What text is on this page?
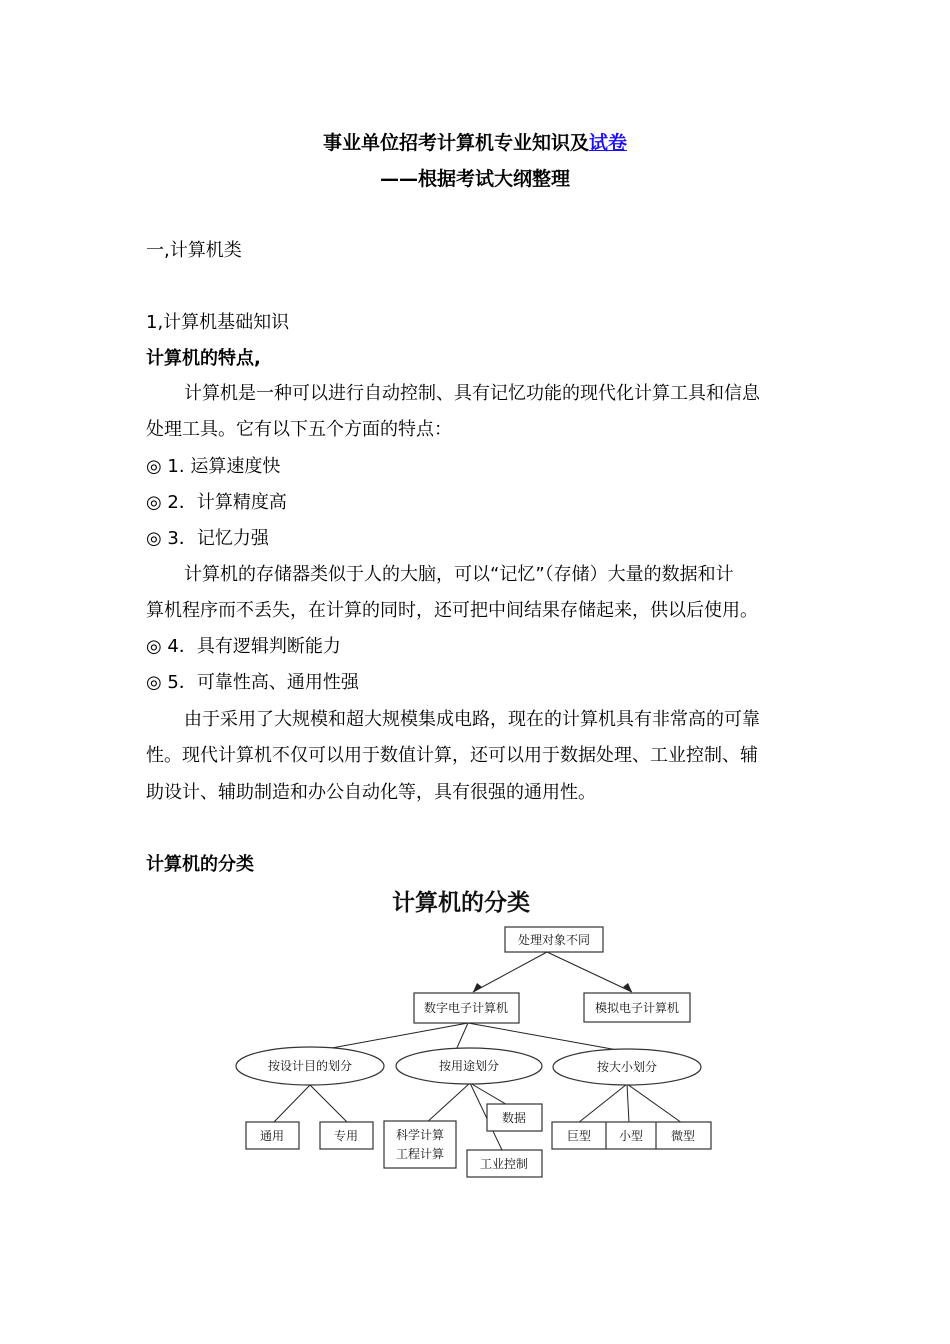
事业单位招考计算机专业知识及试卷
——根据考试大纲整理
一,计算机类
1,计算机基础知识
计算机的特点,
计算机是一种可以进行自动控制、具有记忆功能的现代化计算工具和信息
处理工具。它有以下五个方面的特点：
◎ 1. 运算速度快
◎ 2．计算精度高
◎ 3．记忆力强
计算机的存储器类似于人的大脑，可以“记忆”（存储）大量的数据和计
算机程序而不丢失，在计算的同时，还可把中间结果存储起来，供以后使用。
◎ 4．具有逻辑判断能力
◎ 5．可靠性高、通用性强
由于采用了大规模和超大规模集成电路，现在的计算机具有非常高的可靠
性。现代计算机不仅可以用于数值计算，还可以用于数据处理、工业控制、辅
助设计、辅助制造和办公自动化等，具有很强的通用性。
计算机的分类
计算机的分类
处理对象不同
数字电子计算机	模拟电子计算机
按设计目的划分	按用途划分	按大小划分
通用	专用	科学计算
工程计算
数据
工业控制
巨型 小型 微型
